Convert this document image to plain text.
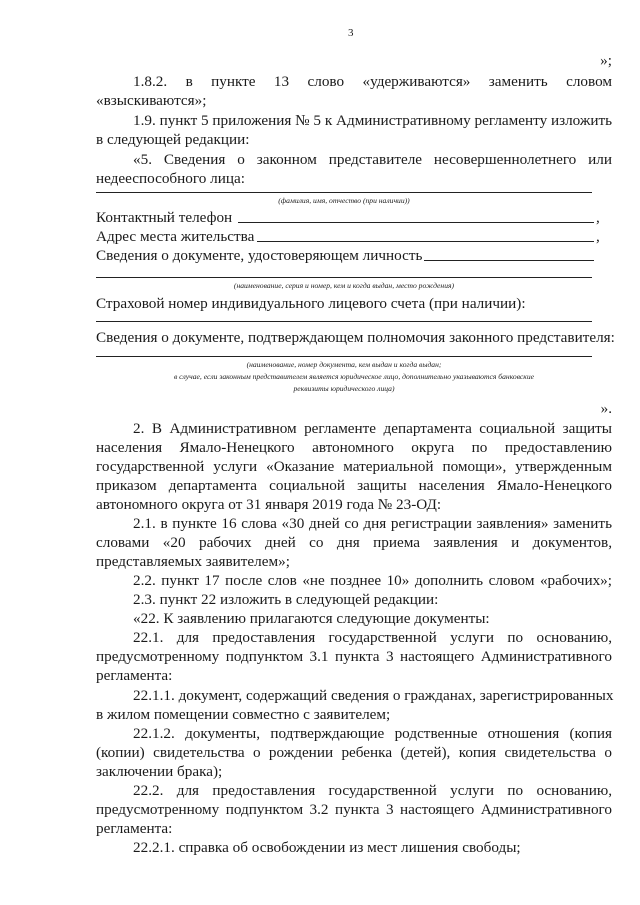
3
»;
1.8.2. в пункте 13 слово «удерживаются» заменить словом
«взыскиваются»;
1.9. пункт 5 приложения № 5 к Административному регламенту изложить
в следующей редакции:
«5. Сведения о законном представителе несовершеннолетнего или
недееспособного лица:
(фамилия, имя, отчество (при наличии))
Контактный телефон	,
Адрес места жительства	,
Сведения о документе, удостоверяющем личность
(наименование, серия и номер, кем и когда выдан, место рождения)
Страховой номер индивидуального лицевого счета (при наличии):
Сведения о документе, подтверждающем полномочия законного представителя:
(наименование, номер документа, кем выдан и когда выдан;
в случае, если законным представителем является юридическое лицо, дополнительно указываются банковские
реквизиты юридического лица)
».
2. В Административном регламенте департамента социальной защиты
населения Ямало-Ненецкого автономного округа по предоставлению
государственной услуги «Оказание материальной помощи», утвержденным
приказом департамента социальной защиты населения Ямало-Ненецкого
автономного округа от 31 января 2019 года № 23-ОД:
2.1. в пункте 16 слова «30 дней со дня регистрации заявления» заменить
словами «20 рабочих дней со дня приема заявления и документов,
представляемых заявителем»;
2.2. пункт 17 после слов «не позднее 10» дополнить словом «рабочих»;
2.3. пункт 22 изложить в следующей редакции:
«22. К заявлению прилагаются следующие документы:
22.1. для предоставления государственной услуги по основанию,
предусмотренному подпунктом 3.1 пункта 3 настоящего Административного
регламента:
22.1.1. документ, содержащий сведения о гражданах, зарегистрированных
в жилом помещении совместно с заявителем;
22.1.2. документы, подтверждающие родственные отношения (копия
(копии) свидетельства о рождении ребенка (детей), копия свидетельства о
заключении брака);
22.2. для предоставления государственной услуги по основанию,
предусмотренному подпунктом 3.2 пункта 3 настоящего Административного
регламента:
22.2.1. справка об освобождении из мест лишения свободы;
